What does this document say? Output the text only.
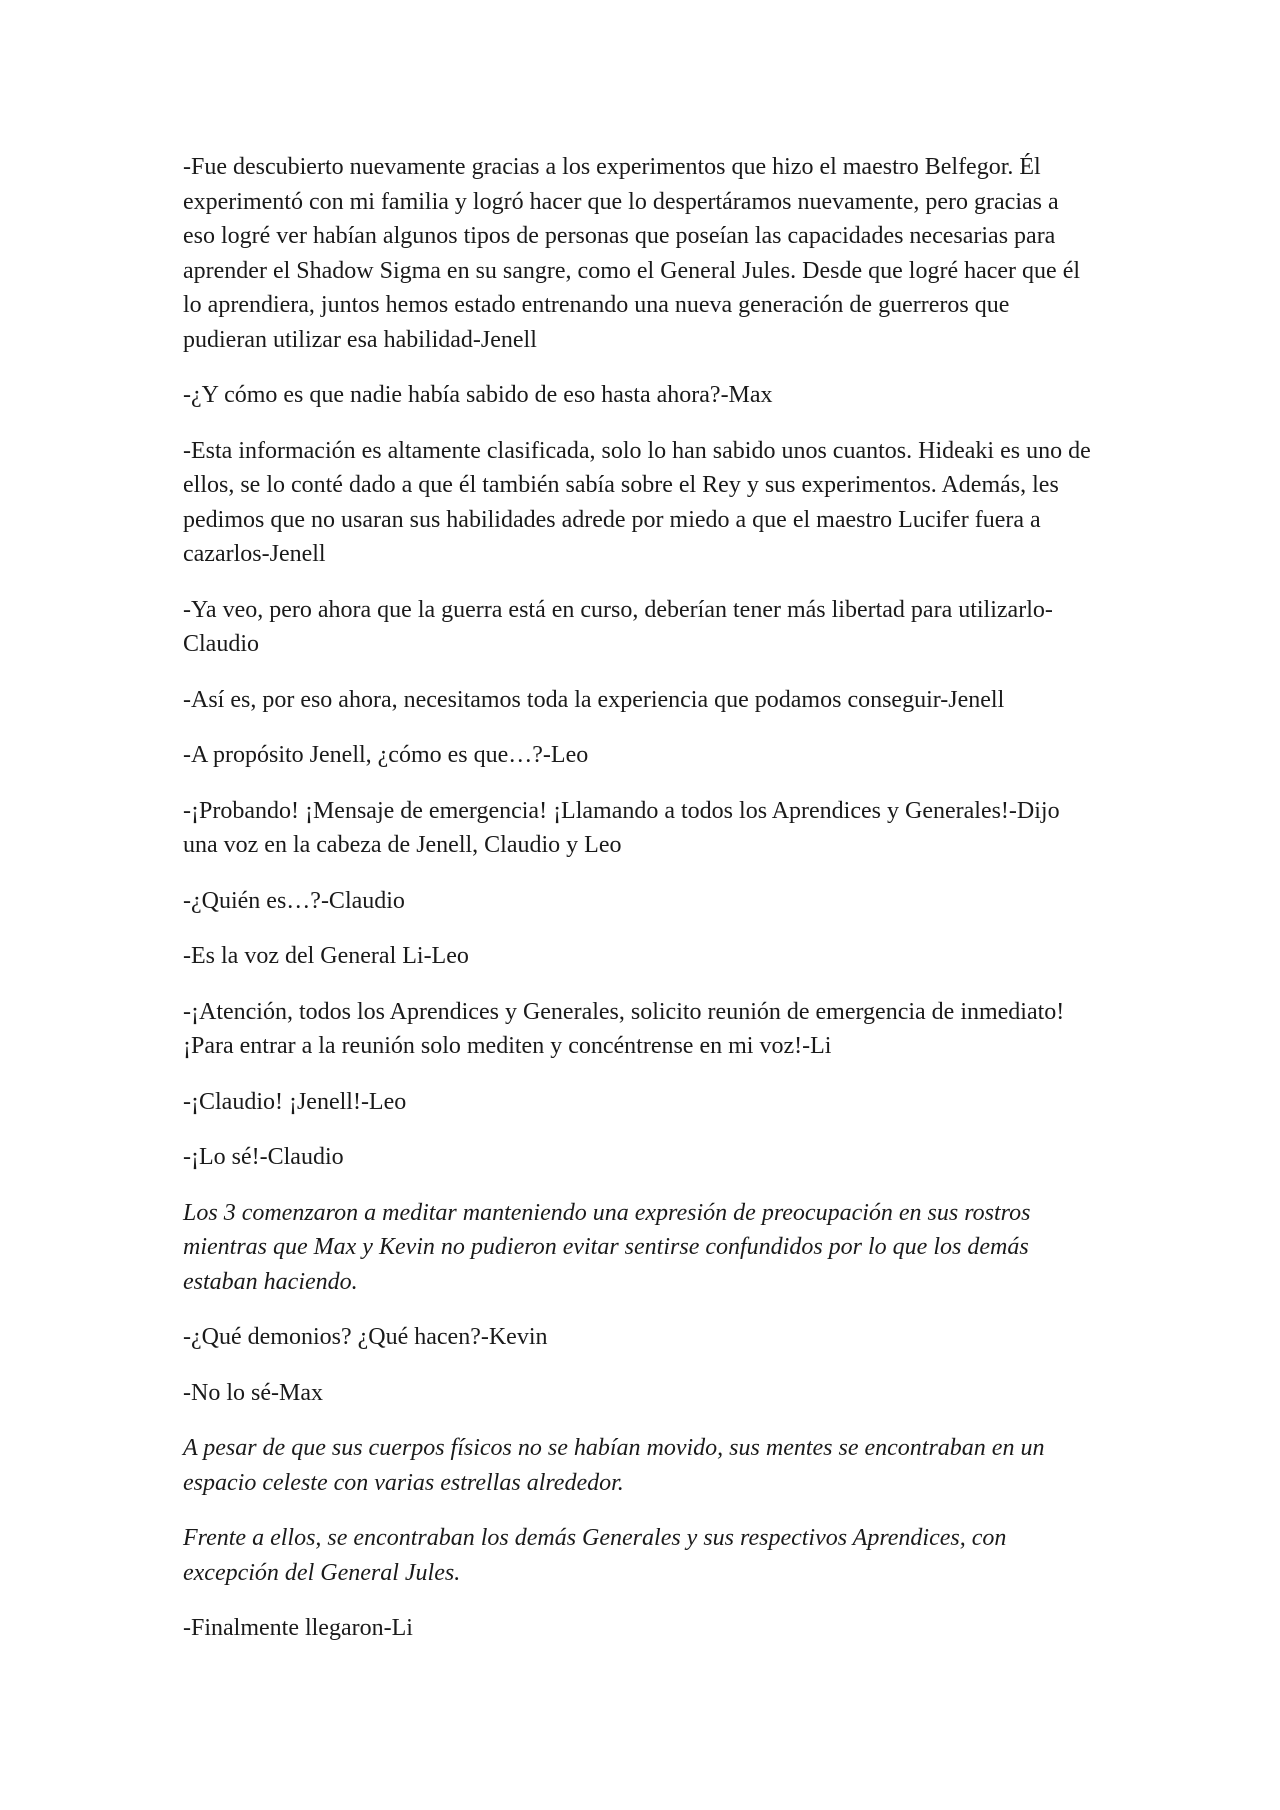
-Fue descubierto nuevamente gracias a los experimentos que hizo el maestro Belfegor. Él experimentó con mi familia y logró hacer que lo despertáramos nuevamente, pero gracias a eso logré ver habían algunos tipos de personas que poseían las capacidades necesarias para aprender el Shadow Sigma en su sangre, como el General Jules. Desde que logré hacer que él lo aprendiera, juntos hemos estado entrenando una nueva generación de guerreros que pudieran utilizar esa habilidad-Jenell

-¿Y cómo es que nadie había sabido de eso hasta ahora?-Max

-Esta información es altamente clasificada, solo lo han sabido unos cuantos. Hideaki es uno de ellos, se lo conté dado a que él también sabía sobre el Rey y sus experimentos. Además, les pedimos que no usaran sus habilidades adrede por miedo a que el maestro Lucifer fuera a cazarlos-Jenell

-Ya veo, pero ahora que la guerra está en curso, deberían tener más libertad para utilizarlo-Claudio

-Así es, por eso ahora, necesitamos toda la experiencia que podamos conseguir-Jenell

-A propósito Jenell, ¿cómo es que…?-Leo

-¡Probando! ¡Mensaje de emergencia! ¡Llamando a todos los Aprendices y Generales!-Dijo una voz en la cabeza de Jenell, Claudio y Leo

-¿Quién es…?-Claudio

-Es la voz del General Li-Leo

-¡Atención, todos los Aprendices y Generales, solicito reunión de emergencia de inmediato! ¡Para entrar a la reunión solo mediten y concéntrense en mi voz!-Li

-¡Claudio! ¡Jenell!-Leo

-¡Lo sé!-Claudio

Los 3 comenzaron a meditar manteniendo una expresión de preocupación en sus rostros mientras que Max y Kevin no pudieron evitar sentirse confundidos por lo que los demás estaban haciendo.

-¿Qué demonios? ¿Qué hacen?-Kevin

-No lo sé-Max

A pesar de que sus cuerpos físicos no se habían movido, sus mentes se encontraban en un espacio celeste con varias estrellas alrededor.

Frente a ellos, se encontraban los demás Generales y sus respectivos Aprendices, con excepción del General Jules.

-Finalmente llegaron-Li
